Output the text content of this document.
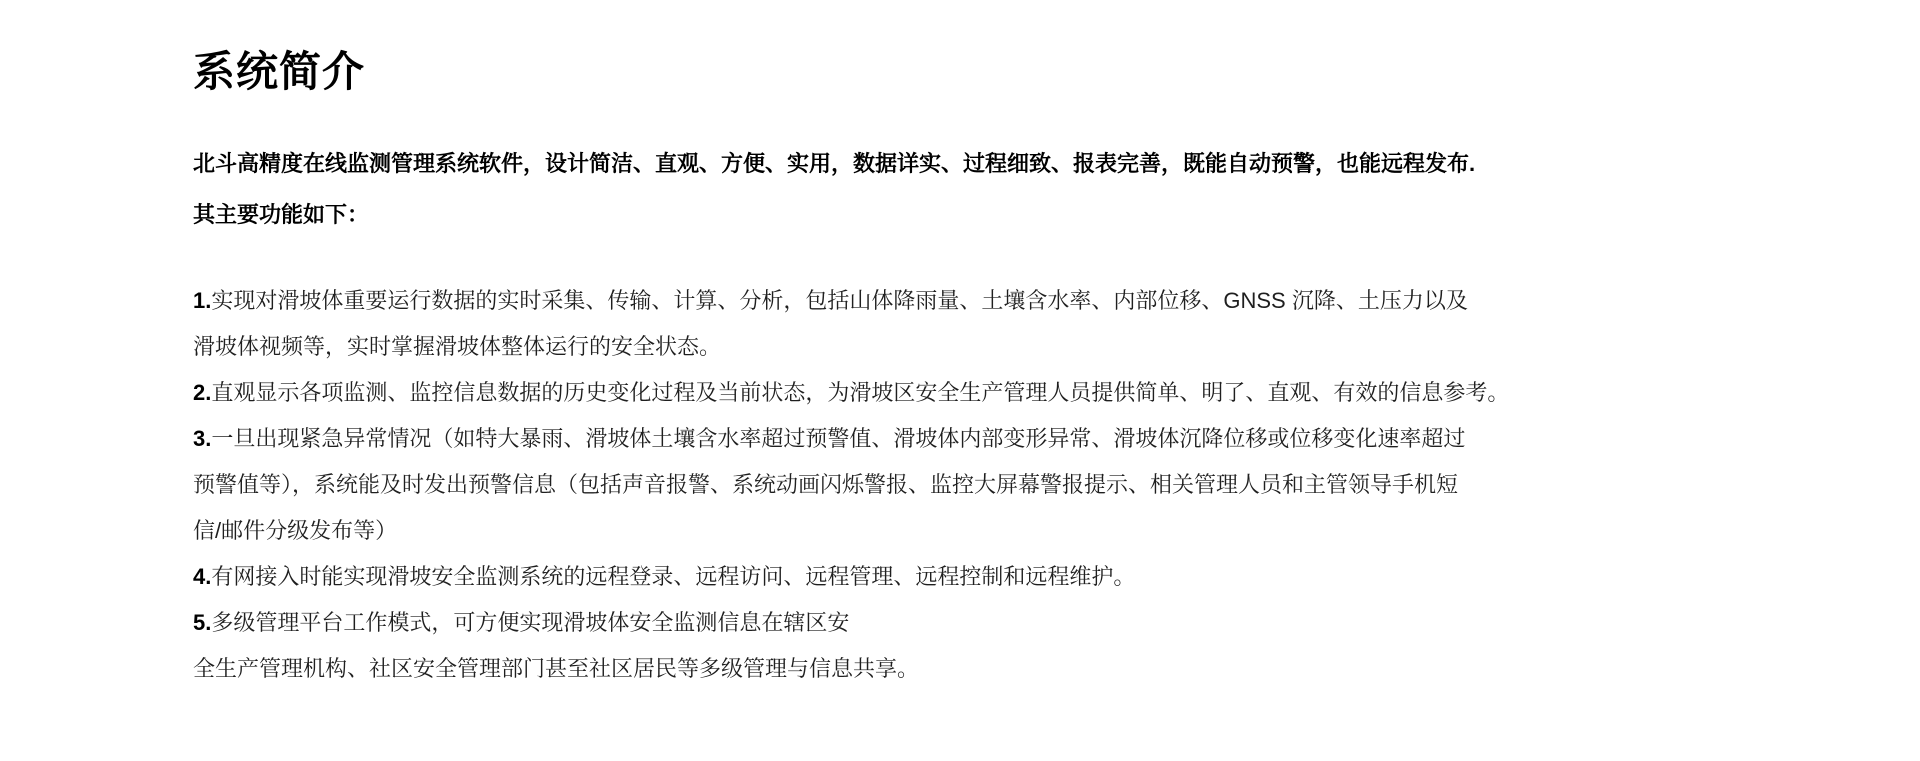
系统简介

北斗高精度在线监测管理系统软件，设计简洁、直观、方便、实用，数据详实、过程细致、报表完善，既能自动预警，也能远程发布.
其主要功能如下：

1.实现对滑坡体重要运行数据的实时采集、传输、计算、分析，包括山体降雨量、土壤含水率、内部位移、GNSS 沉降、土压力以及
滑坡体视频等，实时掌握滑坡体整体运行的安全状态。
2.直观显示各项监测、监控信息数据的历史变化过程及当前状态，为滑坡区安全生产管理人员提供简单、明了、直观、有效的信息参考。
3.一旦出现紧急异常情况（如特大暴雨、滑坡体土壤含水率超过预警值、滑坡体内部变形异常、滑坡体沉降位移或位移变化速率超过
预警值等），系统能及时发出预警信息（包括声音报警、系统动画闪烁警报、监控大屏幕警报提示、相关管理人员和主管领导手机短
信/邮件分级发布等）
4.有网接入时能实现滑坡安全监测系统的远程登录、远程访问、远程管理、远程控制和远程维护。
5.多级管理平台工作模式，可方便实现滑坡体安全监测信息在辖区安
全生产管理机构、社区安全管理部门甚至社区居民等多级管理与信息共享。
